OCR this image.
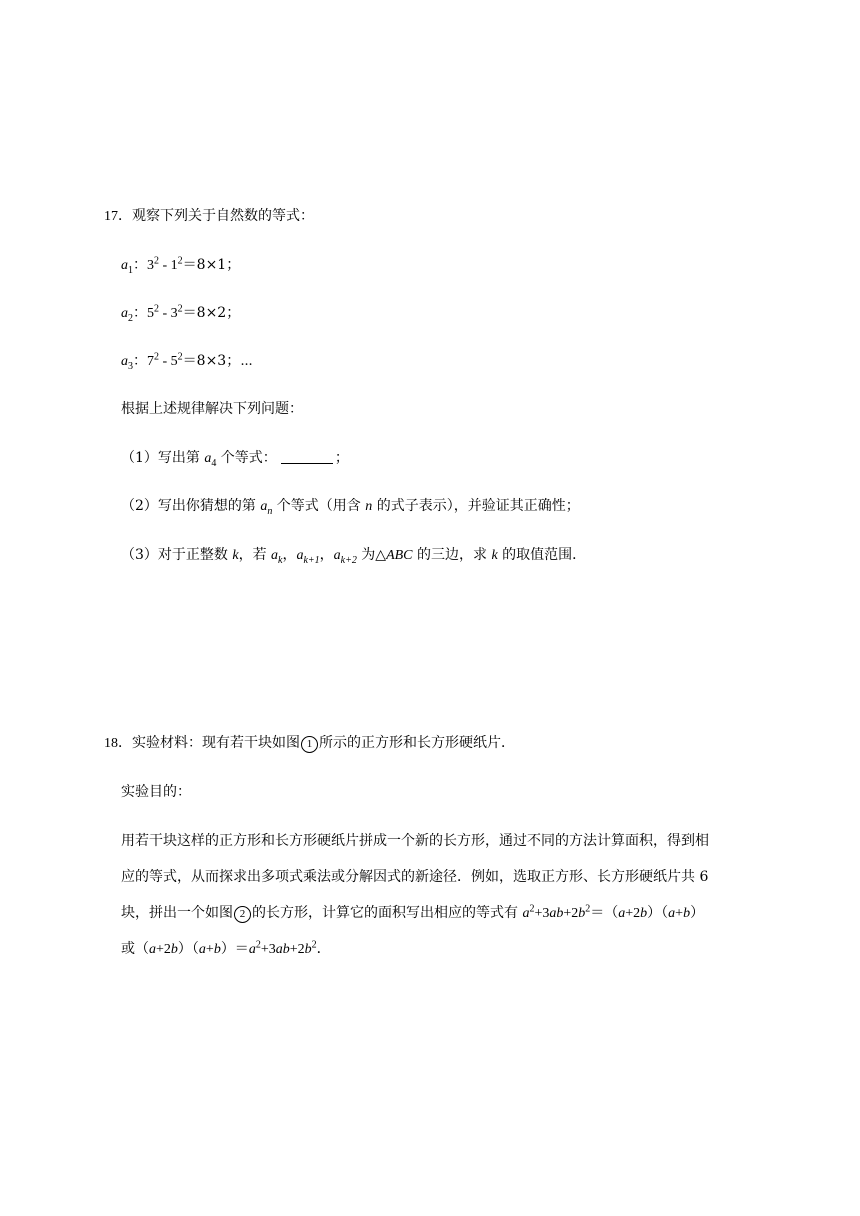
17．观察下列关于自然数的等式：
$a_1$：$3^2 - 1^2=8\times 1$；
$a_2$：$5^2 - 3^2=8\times 2$；
$a_3$：$7^2 - 5^2=8\times 3$；⋯
根据上述规律解决下列问题：
（1）写出第 $a_4$ 个等式：	；
（2）写出你猜想的第 $a_n$ 个等式（用含 n 的式子表示），并验证其正确性；
（3）对于正整数 k，若 $a_k$，$a_{k+1}$，$a_{k+2}$ 为△ABC 的三边，求 k 的取值范围．
18．实验材料：现有若干块如图 1 所示的正方形和长方形硬纸片．
实验目的：
用若干块这样的正方形和长方形硬纸片拼成一个新的长方形，通过不同的方法计算面积，得到相
应的等式，从而探求出多项式乘法或分解因式的新途径．例如，选取正方形、长方形硬纸片共 6
块，拼出一个如图 2 的长方形，计算它的面积写出相应的等式有 $a^2+3ab+2b^2=(a+2b)(a+b)$
或$(a+2b)(a+b)=a^2+3ab+2b^2$．
